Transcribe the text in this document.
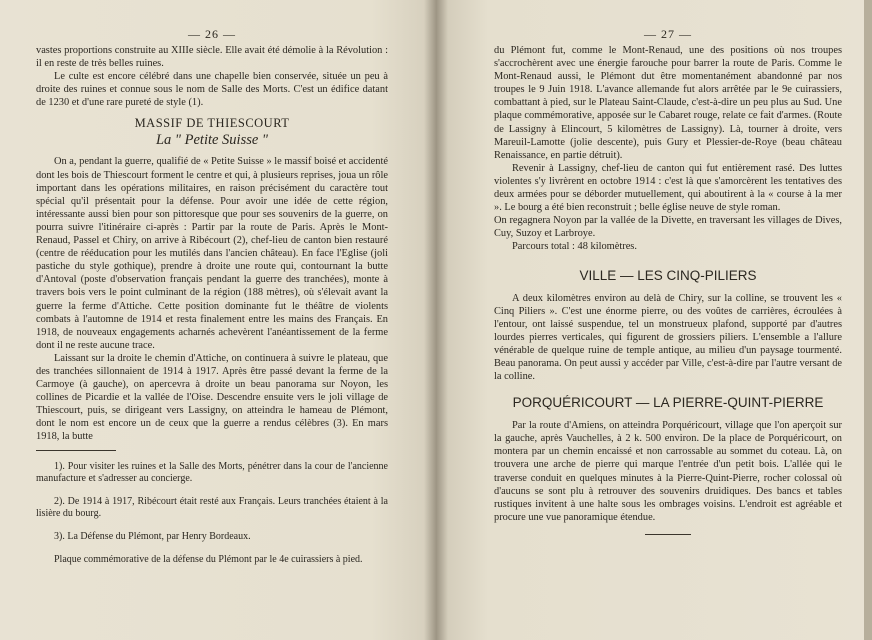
— 26 —

vastes proportions construite au XIIIe siècle. Elle avait été démolie à la Révolution : il en reste de très belles ruines.

Le culte est encore célébré dans une chapelle bien conservée, située un peu à droite des ruines et connue sous le nom de Salle des Morts. C'est un édifice datant de 1230 et d'une rare pureté de style (1).

MASSIF DE THIESCOURT
La " Petite Suisse "

On a, pendant la guerre, qualifié de « Petite Suisse » le massif boisé et accidenté dont les bois de Thiescourt forment le centre et qui, à plusieurs reprises, joua un rôle important dans les opérations militaires, en raison précisément du caractère tout spécial qu'il présentait pour la défense. Pour avoir une idée de cette région, intéressante aussi bien pour son pittoresque que pour ses souvenirs de la guerre, on pourra suivre l'itinéraire ci-après : Partir par la route de Paris. Après le Mont-Renaud, Passel et Chiry, on arrive à Ribécourt (2), chef-lieu de canton bien restauré (centre de rééducation pour les mutilés dans l'ancien château). En face l'Eglise (joli pastiche du style gothique), prendre à droite une route qui, contournant la butte d'Antoval (poste d'observation français pendant la guerre des tranchées), monte à travers bois vers le point culminant de la région (188 mètres), où s'élevait avant la guerre la ferme d'Attiche. Cette position dominante fut le théâtre de violents combats à l'automne de 1914 et resta finalement entre les mains des Français. En 1918, de nouveaux engagements acharnés achevèrent l'anéantissement de la ferme dont il ne reste aucune trace.

Laissant sur la droite le chemin d'Attiche, on continuera à suivre le plateau, que des tranchées sillonnaient de 1914 à 1917. Après être passé devant la ferme de la Carmoye (à gauche), on apercevra à droite un beau panorama sur Noyon, les collines de Picardie et la vallée de l'Oise. Descendre ensuite vers le joli village de Thiescourt, puis, se dirigeant vers Lassigny, on atteindra le hameau de Plémont, dont le nom est encore un de ceux que la guerre a rendus célèbres (3). En mars 1918, la butte

1). Pour visiter les ruines et la Salle des Morts, pénétrer dans la cour de l'ancienne manufacture et s'adresser au concierge.

2). De 1914 à 1917, Ribécourt était resté aux Français. Leurs tranchées étaient à la lisière du bourg.

3). La Défense du Plémont, par Henry Bordeaux.

Plaque commémorative de la défense du Plémont par le 4e cuirassiers à pied.

— 27 —

du Plémont fut, comme le Mont-Renaud, une des positions où nos troupes s'accrochèrent avec une énergie farouche pour barrer la route de Paris. Comme le Mont-Renaud aussi, le Plémont dut être momentanément abandonné par nos troupes le 9 Juin 1918. L'avance allemande fut alors arrêtée par le 9e cuirassiers, combattant à pied, sur le Plateau Saint-Claude, c'est-à-dire un peu plus au Sud. Une plaque commémorative, apposée sur le Cabaret rouge, relate ce fait d'armes. (Route de Lassigny à Elincourt, 5 kilomètres de Lassigny). Là, tourner à droite, vers Mareuil-Lamotte (jolie descente), puis Gury et Plessier-de-Roye (beau château Renaissance, en partie détruit).

Revenir à Lassigny, chef-lieu de canton qui fut entièrement rasé. Des luttes violentes s'y livrèrent en octobre 1914 : c'est là que s'amorcèrent les tentatives des deux armées pour se déborder mutuellement, qui aboutirent à la « course à la mer ». Le bourg a été bien reconstruit ; belle église neuve de style roman.

On regagnera Noyon par la vallée de la Divette, en traversant les villages de Dives, Cuy, Suzoy et Larbroye.

Parcours total : 48 kilomètres.

VILLE — LES CINQ-PILIERS

A deux kilomètres environ au delà de Chiry, sur la colline, se trouvent les « Cinq Piliers ». C'est une énorme pierre, ou des voûtes de carrières, écroulées à l'entour, ont laissé suspendue, tel un monstrueux plafond, supporté par d'autres lourdes pierres verticales, qui figurent de grossiers piliers. L'ensemble a l'allure vénérable de quelque ruine de temple antique, au milieu d'un paysage tourmenté. Beau panorama. On peut aussi y accéder par Ville, c'est-à-dire par l'autre versant de la colline.

PORQUÉRICOURT — LA PIERRE-QUINT-PIERRE

Par la route d'Amiens, on atteindra Porquéricourt, village que l'on aperçoit sur la gauche, après Vauchelles, à 2 k. 500 environ. De la place de Porquéricourt, on montera par un chemin encaissé et non carrossable au sommet du coteau. Là, on trouvera une arche de pierre qui marque l'entrée d'un petit bois. L'allée qui le traverse conduit en quelques minutes à la Pierre-Quint-Pierre, rocher colossal où d'aucuns se sont plu à retrouver des souvenirs druidiques. Des bancs et tables rustiques invitent à une halte sous les ombrages voisins. L'endroit est agréable et procure une vue panoramique étendue.
